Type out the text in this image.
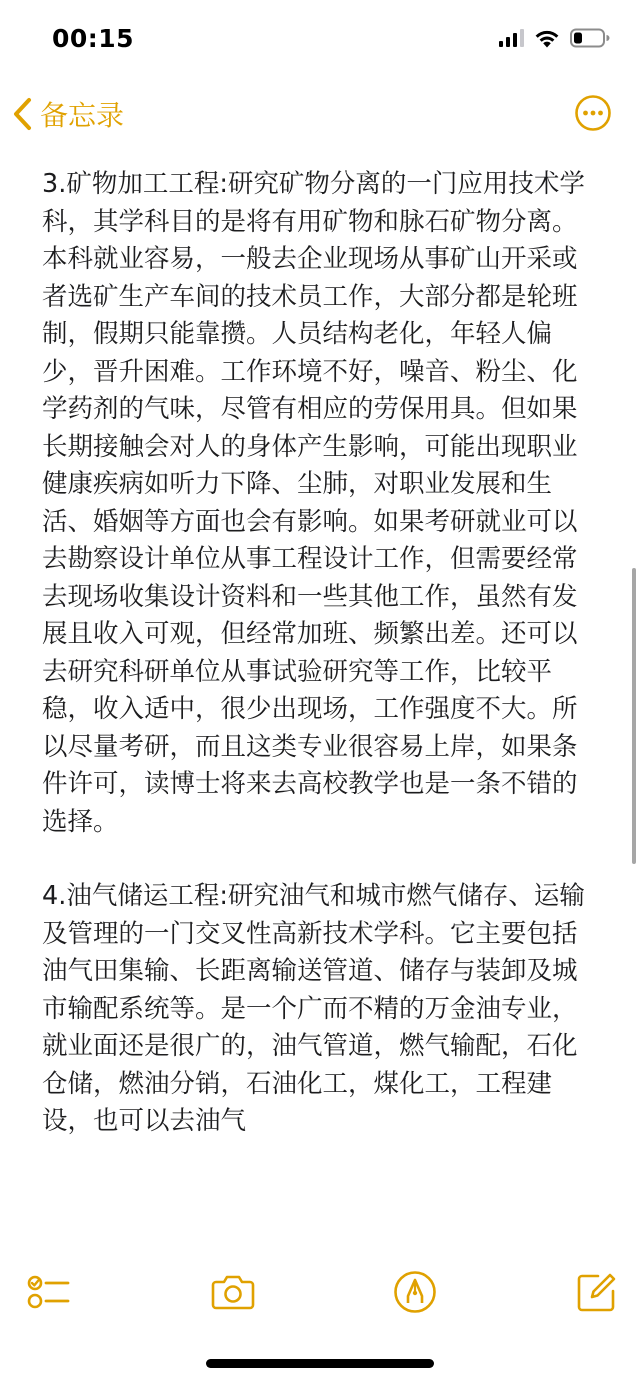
00:15
备忘录

3.矿物加工工程:研究矿物分离的一门应用技术学科，其学科目的是将有用矿物和脉石矿物分离。本科就业容易，一般去企业现场从事矿山开采或者选矿生产车间的技术员工作，大部分都是轮班制，假期只能靠攒。人员结构老化，年轻人偏少，晋升困难。工作环境不好，噪音、粉尘、化学药剂的气味，尽管有相应的劳保用具。但如果长期接触会对人的身体产生影响，可能出现职业健康疾病如听力下降、尘肺，对职业发展和生活、婚姻等方面也会有影响。如果考研就业可以去勘察设计单位从事工程设计工作，但需要经常去现场收集设计资料和一些其他工作，虽然有发展且收入可观，但经常加班、频繁出差。还可以去研究科研单位从事试验研究等工作，比较平稳，收入适中，很少出现场，工作强度不大。所以尽量考研，而且这类专业很容易上岸，如果条件许可，读博士将来去高校教学也是一条不错的选择。

4.油气储运工程:研究油气和城市燃气储存、运输及管理的一门交叉性高新技术学科。它主要包括油气田集输、长距离输送管道、储存与装卸及城市输配系统等。是一个广而不精的万金油专业，就业面还是很广的，油气管道，燃气输配，石化仓储，燃油分销，石油化工，煤化工，工程建设，也可以去油气
